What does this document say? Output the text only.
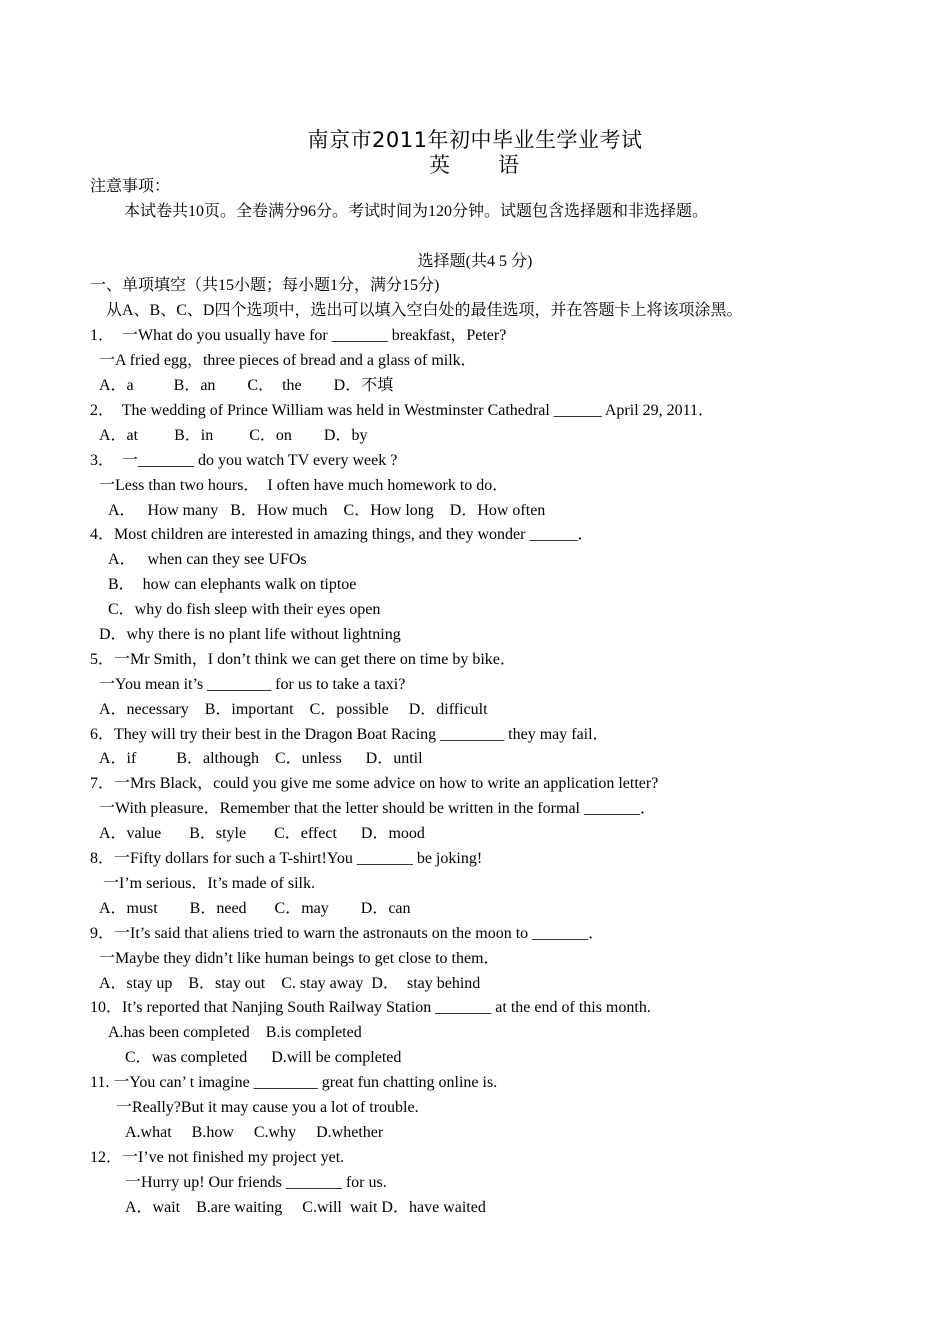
南京市2011年初中毕业生学业考试
英 语
注意事项：
本试卷共10页。全卷满分96分。考试时间为120分钟。试题包含选择题和非选择题。
选择题(共4 5 分)
一、单项填空（共15小题；每小题1分，满分15分)
从A、B、C、D四个选项中，选出可以填入空白处的最佳选项，并在答题卡上将该项涂黑。
1．  一What do you usually have for _______ breakfast，Peter?
一A fried egg，three pieces of bread and a glass of milk．
A．a          B．an        C．  the        D．不填
2．  The wedding of Prince William was held in Westminster Cathedral ______ April 29, 2011．
A．at         B．in         C．on        D．by
3．  一_______ do you watch TV every week ?
一Less than two hours．  I often have much homework to do．
A．   How many   B．How much    C．How long    D．How often
4．Most children are interested in amazing things, and they wonder ______．
A．   when can they see UFOs
B．  how can elephants walk on tiptoe
C．why do fish sleep with their eyes open
D．why there is no plant life without lightning
5．一Mr Smith，I don’t think we can get there on time by bike．
一You mean it’s ________ for us to take a taxi?
A．necessary    B．important    C．possible     D．difficult
6．They will try their best in the Dragon Boat Racing ________ they may fail．
A．if          B．although    C．unless      D．until
7．一Mrs Black，could you give me some advice on how to write an application letter?
一With pleasure．Remember that the letter should be written in the formal _______．
A．value       B．style       C．effect      D．mood
8．一Fifty dollars for such a T-shirt!You _______ be joking!
一I’m serious．It’s made of silk.
A．must        B．need       C．may        D．can
9．一It’s said that aliens tried to warn the astronauts on the moon to _______．
一Maybe they didn’t like human beings to get close to them．
A．stay up    B．stay out    C. stay away  D．  stay behind
10．It’s reported that Nanjing South Railway Station _______ at the end of this month.
A.has been completed    B.is completed
C．was completed      D.will be completed
11. 一You can’ t imagine ________ great fun chatting online is.
一Really?But it may cause you a lot of trouble.
A.what     B.how     C.why     D.whether
12．一I’ve not finished my project yet.
一Hurry up! Our friends _______ for us.
A．wait    B.are waiting     C.will  wait D．have waited
